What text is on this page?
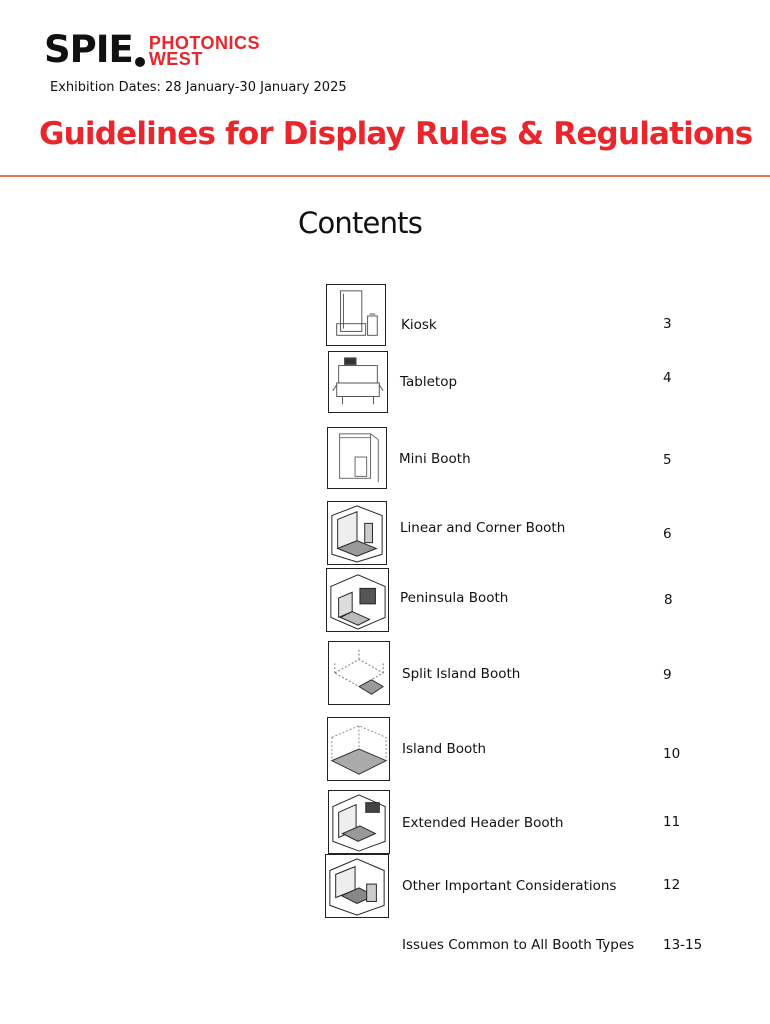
SPIE PHOTONICS
WEST
Exhibition Dates: 28 January-30 January 2025
Guidelines for Display Rules & Regulations
Contents
Kiosk	3
Tabletop	4
Mini Booth	5
Linear and Corner Booth	6
Peninsula Booth	8
Split Island Booth	9
Island Booth	10
Extended Header Booth	11
Other Important Considerations	12
Issues Common to All Booth Types 13-15
